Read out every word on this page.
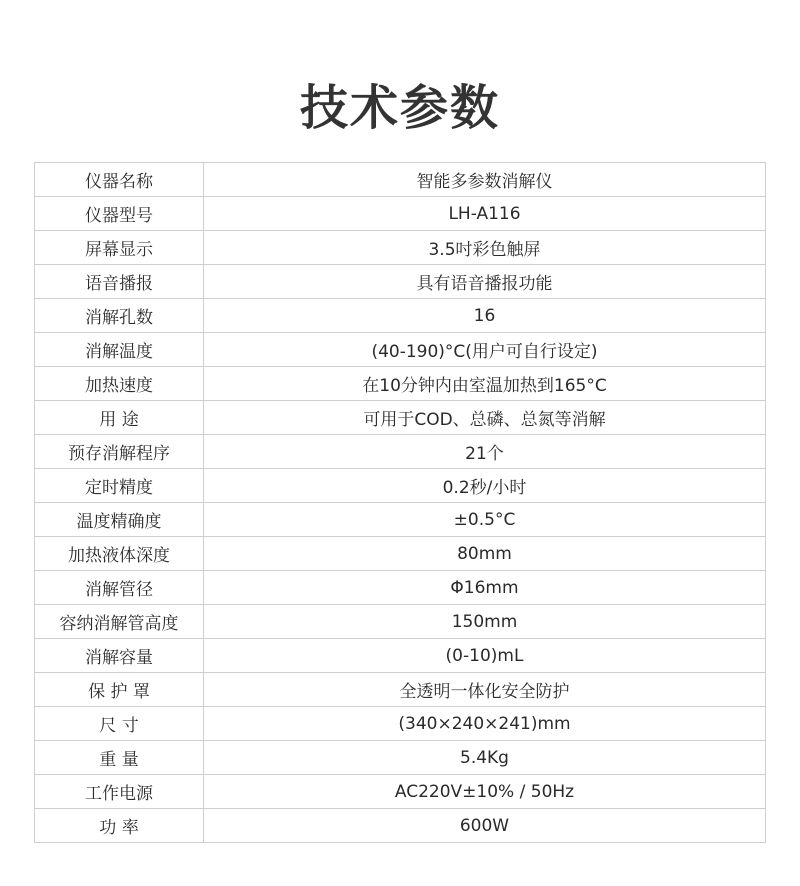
技术参数
仪器名称	智能多参数消解仪
仪器型号	LH-A116
屏幕显示	3.5吋彩色触屏
语音播报	具有语音播报功能
消解孔数	16
消解温度	(40-190)°C(用户可自行设定)
加热速度	在10分钟内由室温加热到165°C
用 途	可用于COD、总磷、总氮等消解
预存消解程序	21个
定时精度	0.2秒/小时
温度精确度	±0.5°C
加热液体深度	80mm
消解管径	Φ16mm
容纳消解管高度	150mm
消解容量	(0-10)mL
保 护 罩	全透明一体化安全防护
尺 寸	(340×240×241)mm
重 量	5.4Kg
工作电源	AC220V±10% / 50Hz
功 率	600W
